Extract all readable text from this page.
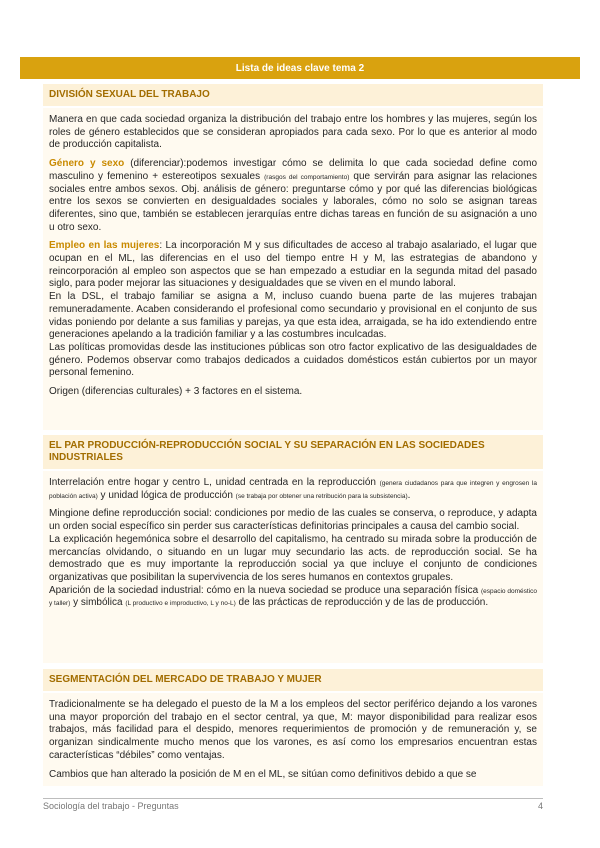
Lista de ideas clave tema 2
DIVISIÓN SEXUAL DEL TRABAJO

Manera en que cada sociedad organiza la distribución del trabajo entre los hombres y las mujeres, según los roles de género establecidos que se consideran apropiados para cada sexo. Por lo que es anterior al modo de producción capitalista.

Género y sexo (diferenciar):podemos investigar cómo se delimita lo que cada sociedad define como masculino y femenino + estereotipos sexuales (rasgos del comportamiento) que servirán para asignar las relaciones sociales entre ambos sexos. Obj. análisis de género: preguntarse cómo y por qué las diferencias biológicas entre los sexos se convierten en desigualdades sociales y laborales, cómo no solo se asignan tareas diferentes, sino que, también se establecen jerarquías entre dichas tareas en función de su asignación a uno u otro sexo.

Empleo en las mujeres: La incorporación M y sus dificultades de acceso al trabajo asalariado, el lugar que ocupan en el ML, las diferencias en el uso del tiempo entre H y M, las estrategias de abandono y reincorporación al empleo son aspectos que se han empezado a estudiar en la segunda mitad del pasado siglo, para poder mejorar las situaciones y desigualdades que se viven en el mundo laboral.

En la DSL, el trabajo familiar se asigna a M, incluso cuando buena parte de las mujeres trabajan remuneradamente. Acaben considerando el profesional como secundario y provisional en el conjunto de sus vidas poniendo por delante a sus familias y parejas, ya que esta idea, arraigada, se ha ido extendiendo entre generaciones apelando a la tradición familiar y a las costumbres inculcadas.

Las políticas promovidas desde las instituciones públicas son otro factor explicativo de las desigualdades de género. Podemos observar como trabajos dedicados a cuidados domésticos están cubiertos por un mayor personal femenino.

Origen (diferencias culturales) + 3 factores en el sistema.

EL PAR PRODUCCIÓN-REPRODUCCIÓN SOCIAL Y SU SEPARACIÓN EN LAS SOCIEDADES INDUSTRIALES

Interrelación entre hogar y centro L, unidad centrada en la reproducción (genera ciudadanos para que integren y engrosen la población activa) y unidad lógica de producción (se trabaja por obtener una retribución para la subsistencia).

Mingione define reproducción social: condiciones por medio de las cuales se conserva, o reproduce, y adapta un orden social específico sin perder sus características definitorias principales a causa del cambio social.

La explicación hegemónica sobre el desarrollo del capitalismo, ha centrado su mirada sobre la producción de mercancías olvidando, o situando en un lugar muy secundario las acts. de reproducción social. Se ha demostrado que es muy importante la reproducción social ya que incluye el conjunto de condiciones organizativas que posibilitan la supervivencia de los seres humanos en contextos grupales.

Aparición de la sociedad industrial: cómo en la nueva sociedad se produce una separación física (espacio doméstico y taller) y simbólica (L productivo e improductivo, L y no-L) de las prácticas de reproducción y de las de producción.

SEGMENTACIÓN DEL MERCADO DE TRABAJO Y MUJER

Tradicionalmente se ha delegado el puesto de la M a los empleos del sector periférico dejando a los varones una mayor proporción del trabajo en el sector central, ya que, M: mayor disponibilidad para realizar esos trabajos, más facilidad para el despido, menores requerimientos de promoción y de remuneración y, se organizan sindicalmente mucho menos que los varones, es así como los empresarios encuentran estas características “débiles” como ventajas.

Cambios que han alterado la posición de M en el ML, se sitúan como definitivos debido a que se

Sociología del trabajo - Preguntas	4
